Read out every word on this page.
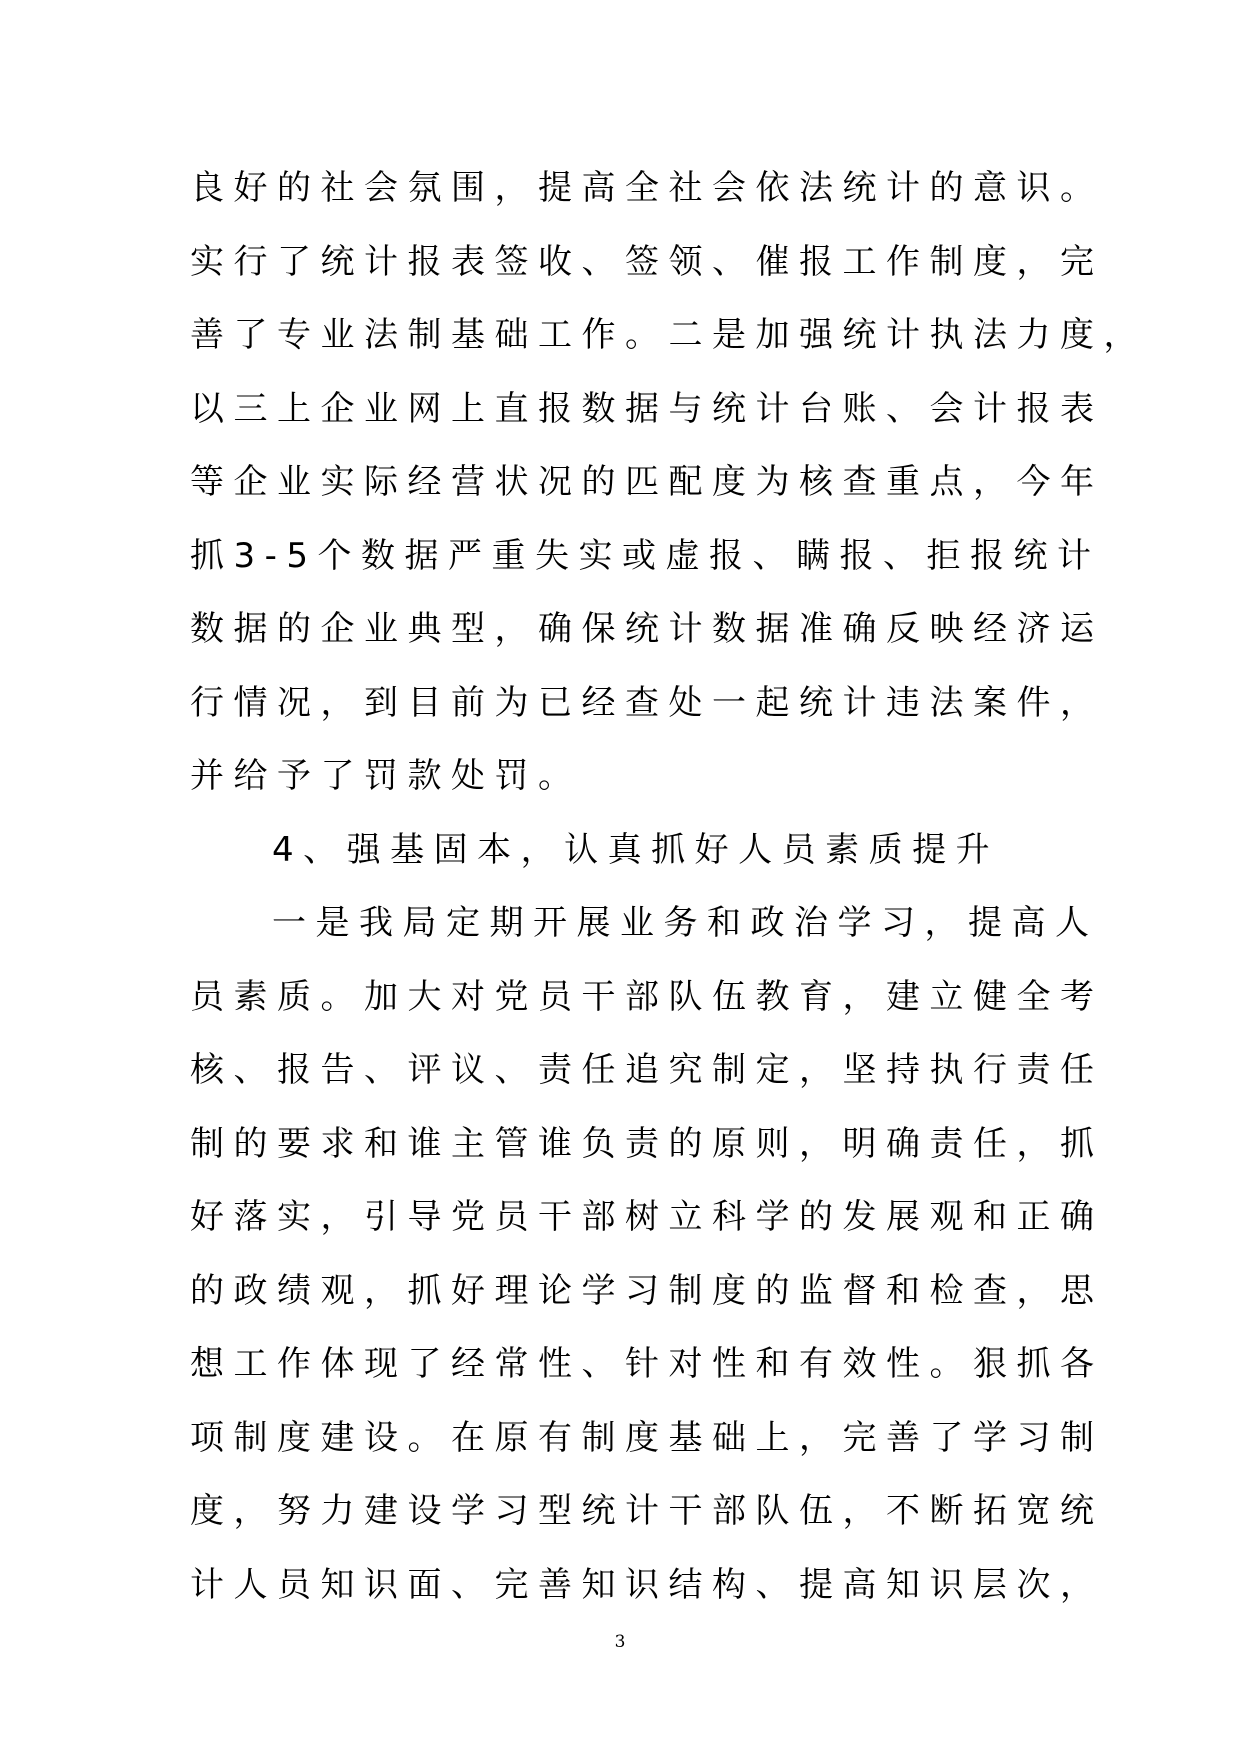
良好的社会氛围，提高全社会依法统计的意识。
实行了统计报表签收、签领、催报工作制度，完
善了专业法制基础工作。二是加强统计执法力度，
以三上企业网上直报数据与统计台账、会计报表
等企业实际经营状况的匹配度为核查重点，今年
抓3-5个数据严重失实或虚报、瞒报、拒报统计
数据的企业典型，确保统计数据准确反映经济运
行情况，到目前为已经查处一起统计违法案件，
并给予了罚款处罚。
4、强基固本，认真抓好人员素质提升
一是我局定期开展业务和政治学习，提高人
员素质。加大对党员干部队伍教育，建立健全考
核、报告、评议、责任追究制定，坚持执行责任
制的要求和谁主管谁负责的原则，明确责任，抓
好落实，引导党员干部树立科学的发展观和正确
的政绩观，抓好理论学习制度的监督和检查，思
想工作体现了经常性、针对性和有效性。狠抓各
项制度建设。在原有制度基础上，完善了学习制
度，努力建设学习型统计干部队伍，不断拓宽统
计人员知识面、完善知识结构、提高知识层次，
3
